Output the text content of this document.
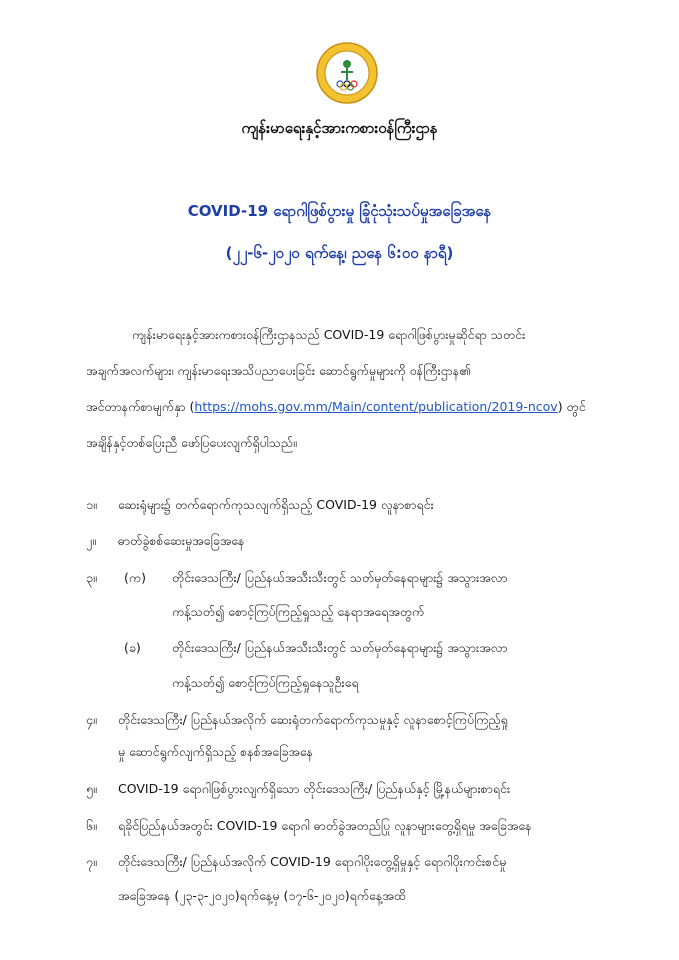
ကျန်းမာရေးနှင့်အားကစားဝန်ကြီးဌာန
COVID-19 ရောဂါဖြစ်ပွားမှု ခြုံငုံသုံးသပ်မှုအခြေအနေ
(၂၂-၆-၂၀၂၀ ရက်နေ့၊ ညနေ ၆:၀၀ နာရီ)
ကျန်းမာရေးနှင့်အားကစားဝန်ကြီးဌာနသည် COVID-19 ရောဂါဖြစ်ပွားမှုဆိုင်ရာ သတင်း
အချက်အလက်များ၊ ကျန်းမာရေးအသိပညာပေးခြင်း ဆောင်ရွက်မှုများကို ဝန်ကြီးဌာန၏
အင်တာနက်စာမျက်နှာ (https://mohs.gov.mm/Main/content/publication/2019-ncov) တွင်
အချိန်နှင့်တစ်ပြေးညီ ဖော်ပြပေးလျက်ရှိပါသည်။
၁။ ဆေးရုံများ၌ တက်ရောက်ကုသလျက်ရှိသည့် COVID-19 လူနာစာရင်း
၂။ ဓာတ်ခွဲစစ်ဆေးမှုအခြေအနေ
၃။	(က) တိုင်းဒေသကြီး/ ပြည်နယ်အသီးသီးတွင် သတ်မှတ်နေရာများ၌ အသွားအလာ
ကန့်သတ်၍ စောင့်ကြပ်ကြည့်ရှုသည့် နေရာအရေအတွက်
(ခ) တိုင်းဒေသကြီး/ ပြည်နယ်အသီးသီးတွင် သတ်မှတ်နေရာများ၌ အသွားအလာ
ကန့်သတ်၍ စောင့်ကြပ်ကြည့်ရှုနေသူဦးရေ
၄။ တိုင်းဒေသကြီး/ ပြည်နယ်အလိုက် ဆေးရုံတက်ရောက်ကုသမှုနှင့် လူနာစောင့်ကြပ်ကြည့်ရှု
မှု ဆောင်ရွက်လျက်ရှိသည့် စနစ်အခြေအနေ
၅။ COVID-19 ရောဂါဖြစ်ပွားလျက်ရှိသော တိုင်းဒေသကြီး/ ပြည်နယ်နှင့် မြို့နယ်များစာရင်း
၆။ ရခိုင်ပြည်နယ်အတွင်း COVID-19 ရောဂါ ဓာတ်ခွဲအတည်ပြု လူနာများတွေ့ရှိရမှု အခြေအနေ
၇။ တိုင်းဒေသကြီး/ ပြည်နယ်အလိုက် COVID-19 ရောဂါပိုးတွေ့ရှိမှုနှင့် ရောဂါပိုးကင်းစင်မှု
အခြေအနေ (၂၃-၃-၂၀၂၀)ရက်နေ့မှ (၁၇-၆-၂၀၂၀)ရက်နေ့အထိ
